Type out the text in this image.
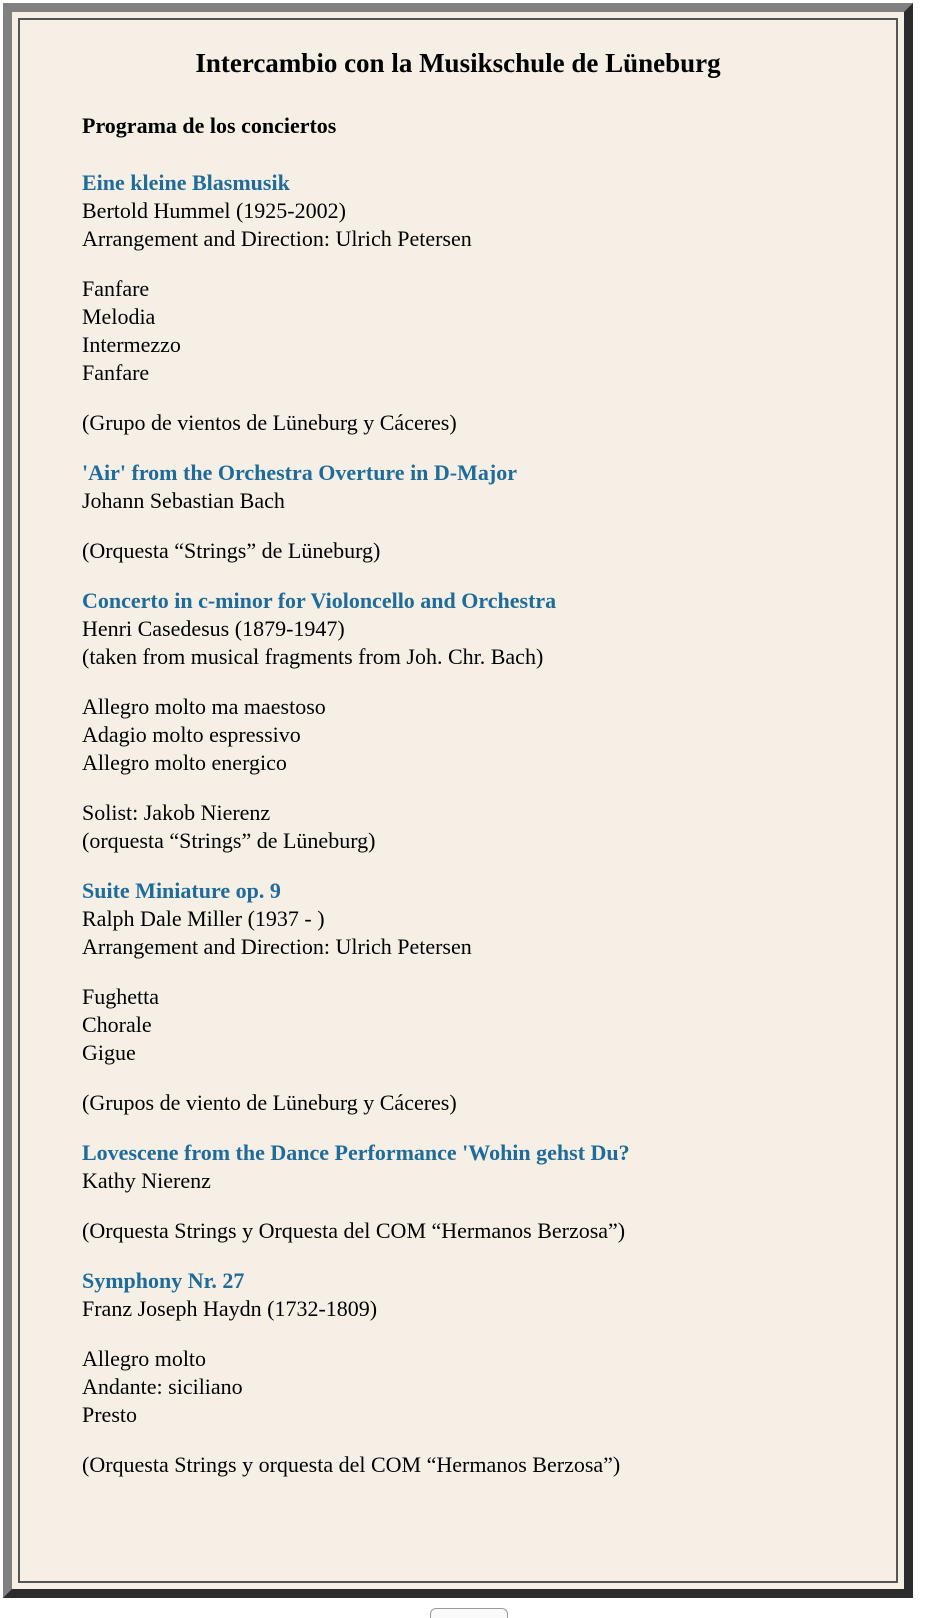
Intercambio con la Musikschule de Lüneburg
Programa de los conciertos

Eine kleine Blasmusik

Bertold Hummel (1925-2002)

Arrangement and Direction: Ulrich Petersen

Fanfare

Melodia

Intermezzo

Fanfare

(Grupo de vientos de Lüneburg y Cáceres)

'Air' from the Orchestra Overture in D-Major

Johann Sebastian Bach

(Orquesta “Strings” de Lüneburg)

Concerto in c-minor for Violoncello and Orchestra

Henri Casedesus (1879-1947)

(taken from musical fragments from Joh. Chr. Bach)

Allegro molto ma maestoso

Adagio molto espressivo

Allegro molto energico

Solist: Jakob Nierenz

(orquesta “Strings” de Lüneburg)

Suite Miniature op. 9

Ralph Dale Miller (1937 - )

Arrangement and Direction: Ulrich Petersen

Fughetta

Chorale

Gigue

(Grupos de viento de Lüneburg y Cáceres)

Lovescene from the Dance Performance 'Wohin gehst Du?

Kathy Nierenz

(Orquesta Strings y Orquesta del COM “Hermanos Berzosa”)

Symphony Nr. 27

Franz Joseph Haydn (1732-1809)

Allegro molto

Andante: siciliano

Presto

(Orquesta Strings y orquesta del COM “Hermanos Berzosa”)
